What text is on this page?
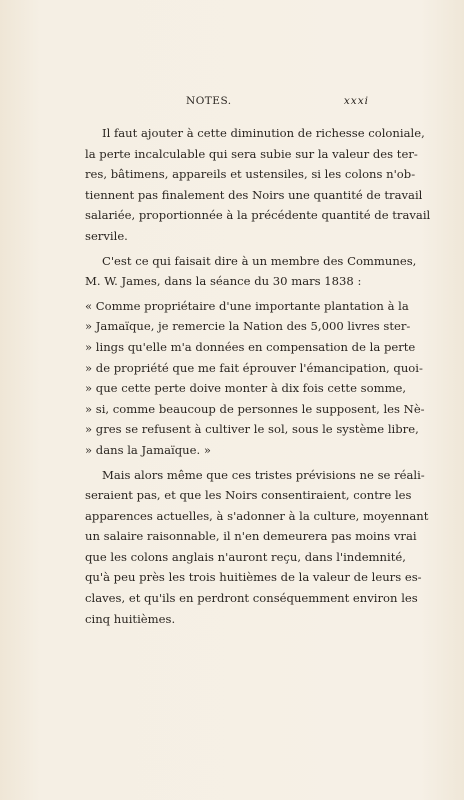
NOTES.	xxxi
Il faut ajouter à cette diminution de richesse coloniale,
la perte incalculable qui sera subie sur la valeur des ter-
res, bâtimens, appareils et ustensiles, si les colons n'ob-
tiennent pas finalement des Noirs une quantité de travail
salariée, proportionnée à la précédente quantité de travail
servile.
C'est ce qui faisait dire à un membre des Communes,
M. W. James, dans la séance du 30 mars 1838 :
« Comme propriétaire d'une importante plantation à la
» Jamaïque, je remercie la Nation des 5,000 livres ster-
» lings qu'elle m'a données en compensation de la perte
» de propriété que me fait éprouver l'émancipation, quoi-
» que cette perte doive monter à dix fois cette somme,
» si, comme beaucoup de personnes le supposent, les Nè-
» gres se refusent à cultiver le sol, sous le système libre,
» dans la Jamaïque. »
Mais alors même que ces tristes prévisions ne se réali-
seraient pas, et que les Noirs consentiraient, contre les
apparences actuelles, à s'adonner à la culture, moyennant
un salaire raisonnable, il n'en demeurera pas moins vrai
que les colons anglais n'auront reçu, dans l'indemnité,
qu'à peu près les trois huitièmes de la valeur de leurs es-
claves, et qu'ils en perdront conséquemment environ les
cinq huitièmes.
